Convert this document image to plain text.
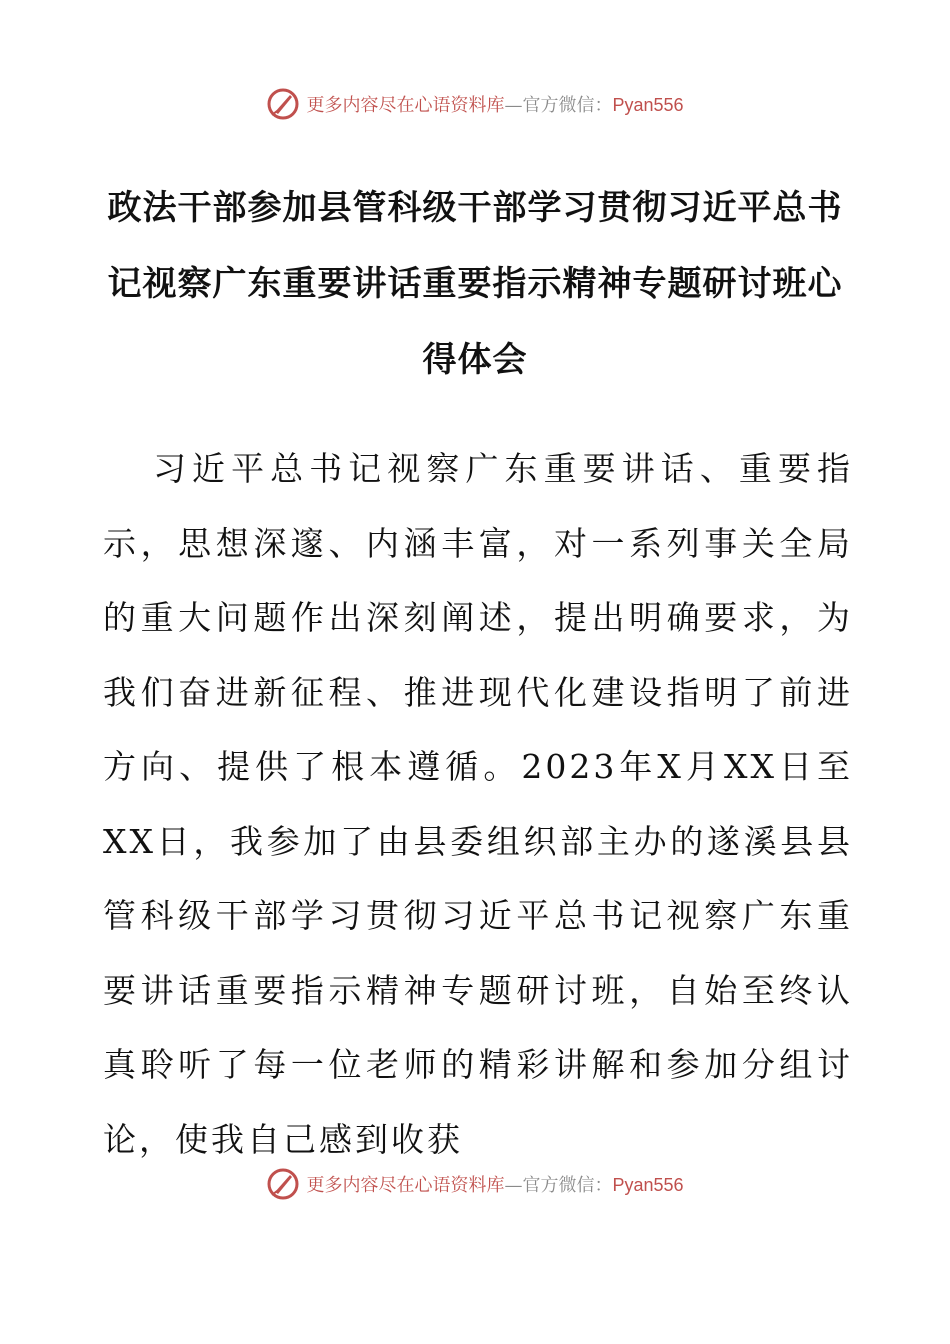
更多内容尽在心语资料库—官方微信：Pyan556
政法干部参加县管科级干部学习贯彻习近平总书记视察广东重要讲话重要指示精神专题研讨班心得体会

习近平总书记视察广东重要讲话、重要指示，思想深邃、内涵丰富，对一系列事关全局的重大问题作出深刻阐述，提出明确要求，为我们奋进新征程、推进现代化建设指明了前进方向、提供了根本遵循。2023年X月XX日至XX日，我参加了由县委组织部主办的遂溪县县管科级干部学习贯彻习近平总书记视察广东重要讲话重要指示精神专题研讨班，自始至终认真聆听了每一位老师的精彩讲解和参加分组讨论，使我自己感到收获

更多内容尽在心语资料库—官方微信：Pyan556
